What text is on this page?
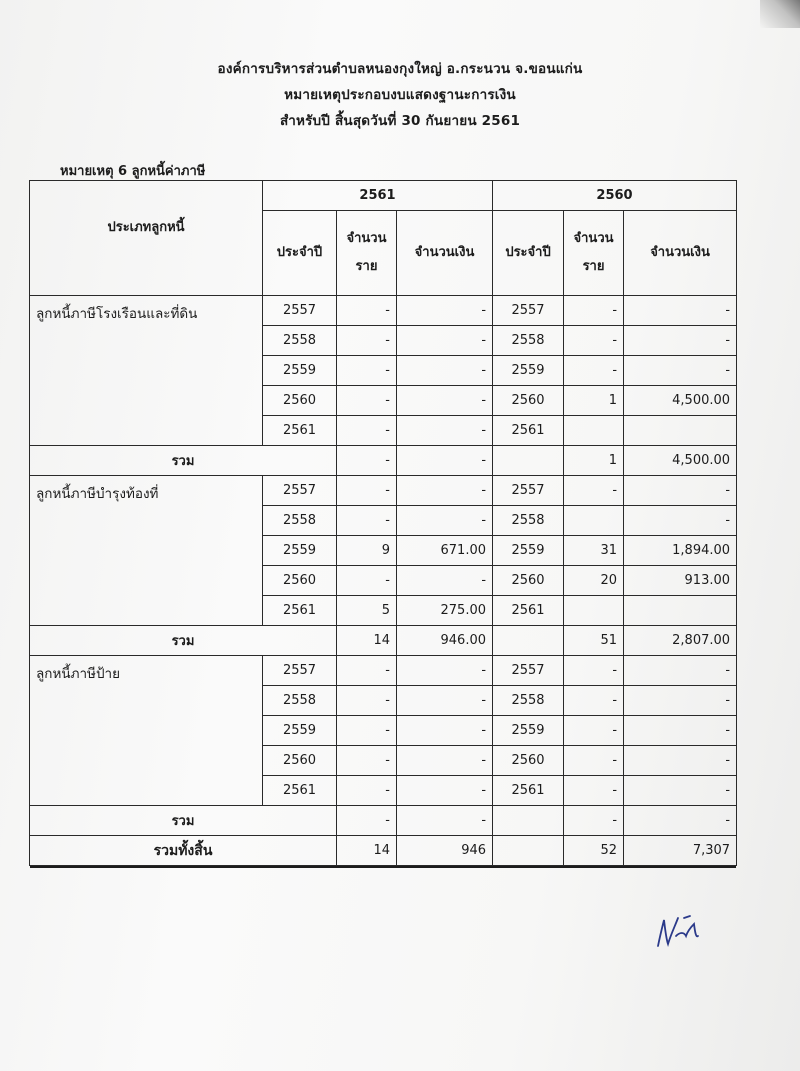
องค์การบริหารส่วนตำบลหนองกุงใหญ่ อ.กระนวน จ.ขอนแก่น
หมายเหตุประกอบงบแสดงฐานะการเงิน
สำหรับปี สิ้นสุดวันที่ 30 กันยายน 2561
หมายเหตุ 6 ลูกหนี้ค่าภาษี
ประเภทลูกหนี้	2561			2560		
	ประจำปี	จำนวน ราย	จำนวนเงิน	ประจำปี	จำนวน ราย	จำนวนเงิน
ลูกหนี้ภาษีโรงเรือนและที่ดิน	2557	-	-	2557	-	-
	2558	-	-	2558	-	-
	2559	-	-	2559	-	-
	2560	-	-	2560	1	4,500.00
	2561	-	-	2561		
รวม		-	-		1	4,500.00
ลูกหนี้ภาษีบำรุงท้องที่	2557	-	-	2557	-	-
	2558	-	-	2558		-
	2559	9	671.00	2559	31	1,894.00
	2560	-	-	2560	20	913.00
	2561	5	275.00	2561		
รวม		14	946.00		51	2,807.00
ลูกหนี้ภาษีป้าย	2557	-	-	2557	-	-
	2558	-	-	2558	-	-
	2559	-	-	2559	-	-
	2560	-	-	2560	-	-
	2561	-	-	2561	-	-
รวม		-	-		-	-
รวมทั้งสิ้น		14	946		52	7,307
